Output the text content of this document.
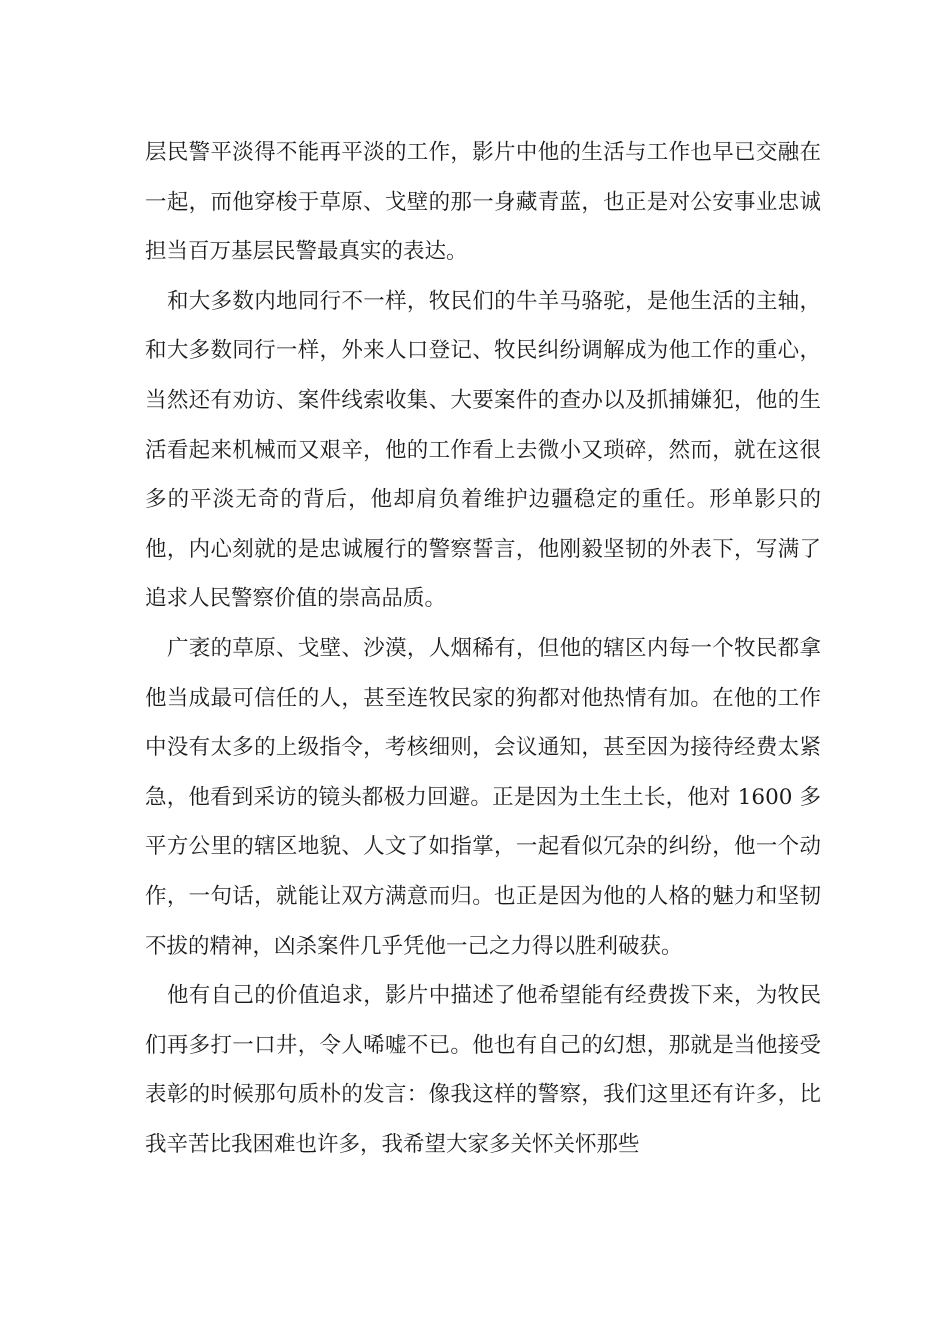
层民警平淡得不能再平淡的工作，影片中他的生活与工作也早已交融在一起，而他穿梭于草原、戈壁的那一身藏青蓝，也正是对公安事业忠诚担当百万基层民警最真实的表达。

和大多数内地同行不一样，牧民们的牛羊马骆驼，是他生活的主轴，和大多数同行一样，外来人口登记、牧民纠纷调解成为他工作的重心，当然还有劝访、案件线索收集、大要案件的查办以及抓捕嫌犯，他的生活看起来机械而又艰辛，他的工作看上去微小又琐碎，然而，就在这很多的平淡无奇的背后，他却肩负着维护边疆稳定的重任。形单影只的他，内心刻就的是忠诚履行的警察誓言，他刚毅坚韧的外表下，写满了追求人民警察价值的崇高品质。

广袤的草原、戈壁、沙漠，人烟稀有，但他的辖区内每一个牧民都拿他当成最可信任的人，甚至连牧民家的狗都对他热情有加。在他的工作中没有太多的上级指令，考核细则，会议通知，甚至因为接待经费太紧急，他看到采访的镜头都极力回避。正是因为土生土长，他对 1600 多平方公里的辖区地貌、人文了如指掌，一起看似冗杂的纠纷，他一个动作，一句话，就能让双方满意而归。也正是因为他的人格的魅力和坚韧不拔的精神，凶杀案件几乎凭他一己之力得以胜利破获。

他有自己的价值追求，影片中描述了他希望能有经费拨下来，为牧民们再多打一口井，令人唏嘘不已。他也有自己的幻想，那就是当他接受表彰的时候那句质朴的发言：像我这样的警察，我们这里还有许多，比我辛苦比我困难也许多，我希望大家多关怀关怀那些
